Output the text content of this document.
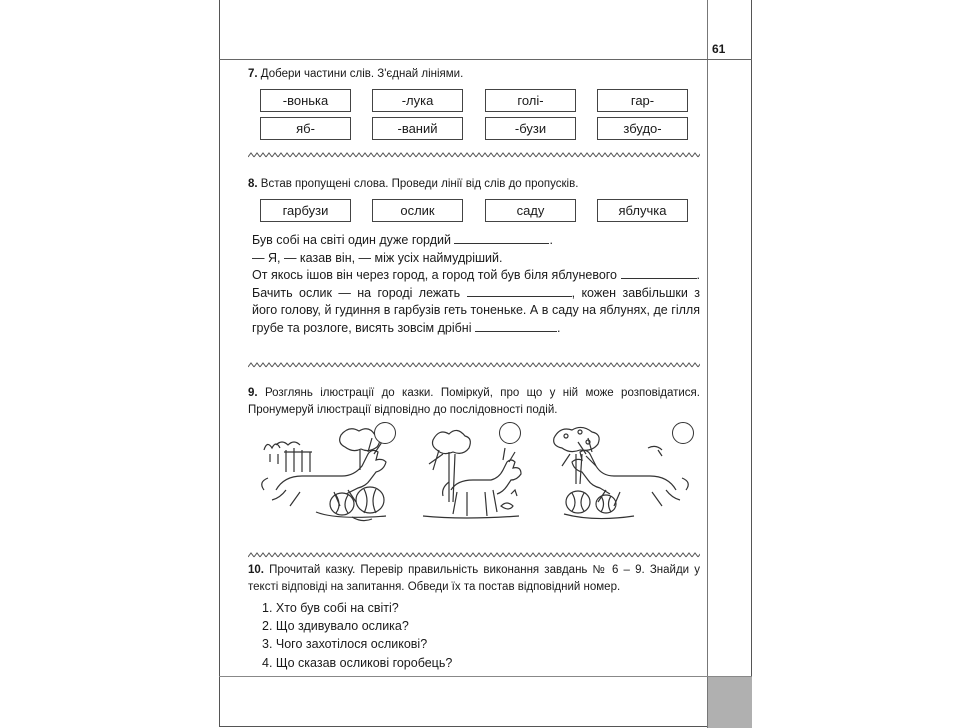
61

7. Добери частини слів. З'єднай лініями.

-вонька	-лука	голі-	гар-
яб-	-ваний	-бузи	збудо-

8. Встав пропущені слова. Проведи лінії від слів до пропусків.

гарбузи	ослик	саду	яблучка

Був собі на світі один дуже гордий	.

— Я, — казав він, — між усіх наймудріший.

От якось ішов він через город, а город той був біля яблуневого	. Бачить ослик — на городі лежать	, кожен завбільшки з його голову, й гудиння в гарбузів геть тоненьке. А в саду на яблунях, де гілля грубе та розлоге, висять зовсім дрібні	.

9. Розглянь ілюстрації до казки. Поміркуй, про що у ній може розповідатися. Пронумеруй ілюстрації відповідно до послідовності подій.

10. Прочитай казку. Перевір правильність виконання завдань № 6 – 9. Знайди у тексті відповіді на запитання. Обведи їх та постав відповідний номер.

1. Хто був собі на світі?
2. Що здивувало ослика?
3. Чого захотілося осликові?
4. Що сказав осликові горобець?
